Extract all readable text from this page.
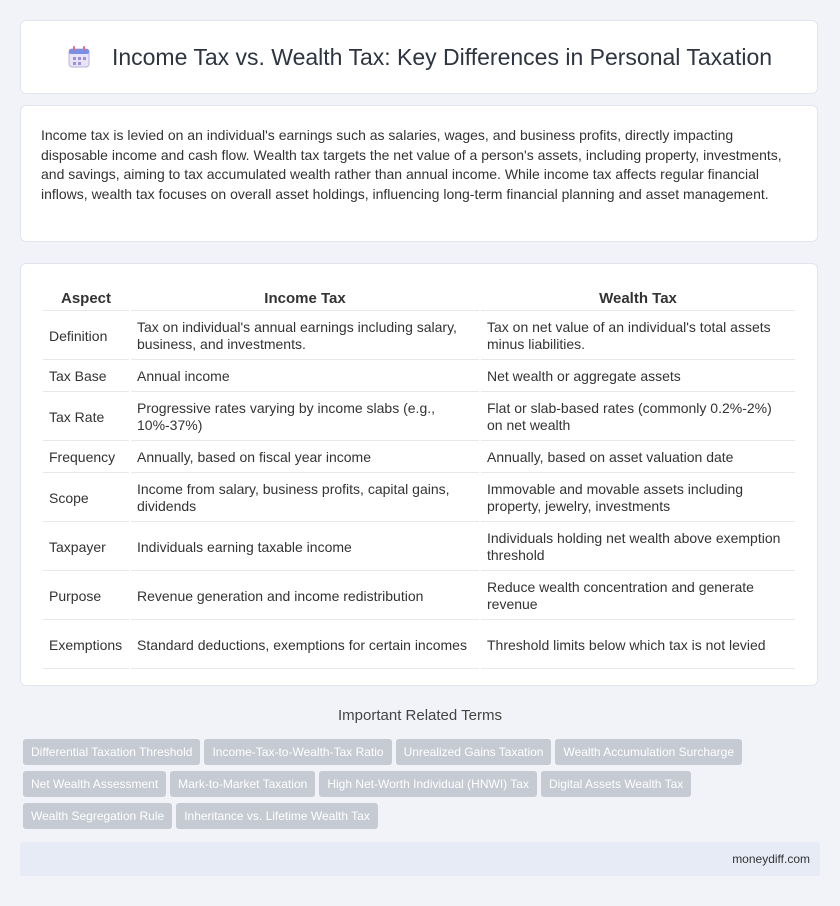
Income Tax vs. Wealth Tax: Key Differences in Personal Taxation

Income tax is levied on an individual's earnings such as salaries, wages, and business profits, directly impacting disposable income and cash flow. Wealth tax targets the net value of a person's assets, including property, investments, and savings, aiming to tax accumulated wealth rather than annual income. While income tax affects regular financial inflows, wealth tax focuses on overall asset holdings, influencing long-term financial planning and asset management.

Aspect	Income Tax	Wealth Tax
Definition	Tax on individual's annual earnings including salary, business, and investments.	Tax on net value of an individual's total assets minus liabilities.
Tax Base	Annual income	Net wealth or aggregate assets
Tax Rate	Progressive rates varying by income slabs (e.g., 10%-37%)	Flat or slab-based rates (commonly 0.2%-2%) on net wealth
Frequency	Annually, based on fiscal year income	Annually, based on asset valuation date
Scope	Income from salary, business profits, capital gains, dividends	Immovable and movable assets including property, jewelry, investments
Taxpayer	Individuals earning taxable income	Individuals holding net wealth above exemption threshold
Purpose	Revenue generation and income redistribution	Reduce wealth concentration and generate revenue
Exemptions	Standard deductions, exemptions for certain incomes	Threshold limits below which tax is not levied
Important Related Terms
Differential Taxation Threshold Income-Tax-to-Wealth-Tax Ratio Unrealized Gains Taxation Wealth Accumulation Surcharge
Net Wealth Assessment Mark-to-Market Taxation High Net-Worth Individual (HNWI) Tax Digital Assets Wealth Tax
Wealth Segregation Rule Inheritance vs. Lifetime Wealth Tax
moneydiff.com
